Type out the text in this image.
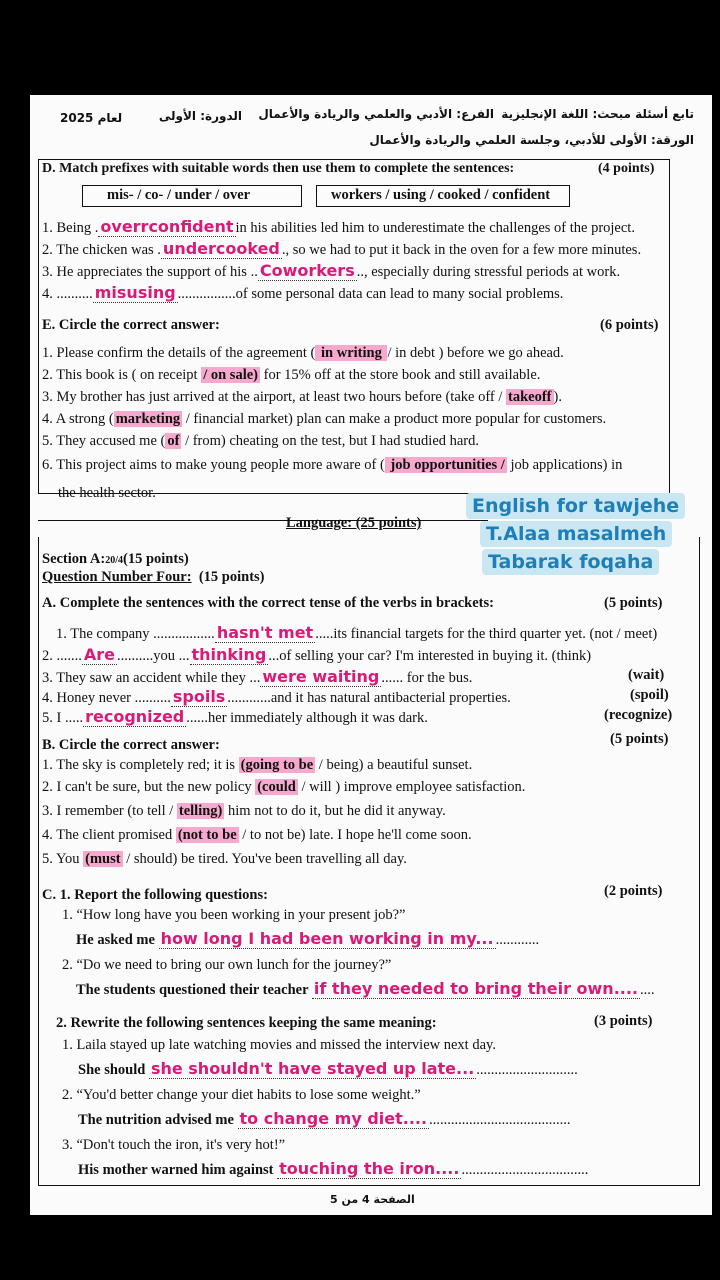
تابع أسئلة مبحث: اللغة الإنجليزية
الفرع: الأدبي والعلمي والريادة والأعمال
الدورة: الأولى
لعام 2025
الورقة: الأولى للأدبي، وجلسة العلمي والريادة والأعمال
D. Match prefixes with suitable words then use them to complete the sentences:	(4 points)
mis- / co- / under / over	workers / using / cooked / confident
1. Being . overrconfident in his abilities led him to underestimate the challenges of the project.
2. The chicken was . undercooked ., so we had to put it back in the oven for a few more minutes.
3. He appreciates the support of his .. Coworkers .., especially during stressful periods at work.
4. .......... misusing ................of some personal data can lead to many social problems.
E. Circle the correct answer:	(6 points)
1. Please confirm the details of the agreement ( in writing / in debt ) before we go ahead.
2. This book is ( on receipt / on sale) for 15% off at the store book and still available.
3. My brother has just arrived at the airport, at least two hours before (take off / takeoff ).
4. A strong ( marketing / financial market) plan can make a product more popular for customers.
5. They accused me ( of / from) cheating on the test, but I had studied hard.
6. This project aims to make young people more aware of ( job opportunities / job applications) in
the health sector.
English for tawjehe
T.Alaa masalmeh
Tabarak foqaha
Language: (25 points)
Section A:20/4(15 points)
Question Number Four: (15 points)
A. Complete the sentences with the correct tense of the verbs in brackets:	(5 points)
1. The company ................. hasn't met .....its financial targets for the third quarter yet. (not / meet)
2. ....... Are ..........you ... thinking ...of selling your car? I'm interested in buying it. (think)
3. They saw an accident while they ... were waiting ...... for the bus.	(wait)
4. Honey never .......... spoils ............and it has natural antibacterial properties.	(spoil)
5. I ..... recognized ......her immediately although it was dark.	(recognize)
B. Circle the correct answer:	(5 points)
1. The sky is completely red; it is (going to be / being) a beautiful sunset.
2. I can't be sure, but the new policy (could / will ) improve employee satisfaction.
3. I remember (to tell / telling) him not to do it, but he did it anyway.
4. The client promised (not to be / to not be) late. I hope he'll come soon.
5. You (must / should) be tired. You've been travelling all day.
C. 1. Report the following questions:	(2 points)
1. “How long have you been working in your present job?”
He asked me how long I had been working in my... ............
2. “Do we need to bring our own lunch for the journey?”
The students questioned their teacher if they needed to bring their own.... ....
2. Rewrite the following sentences keeping the same meaning:	(3 points)
1. Laila stayed up late watching movies and missed the interview next day.
She should she shouldn't have stayed up late... ............................
2. “You'd better change your diet habits to lose some weight.”
The nutrition advised me to change my diet.... .......................................
3. “Don't touch the iron, it's very hot!”
His mother warned him against touching the iron.... ...................................
الصفحة 4 من 5
